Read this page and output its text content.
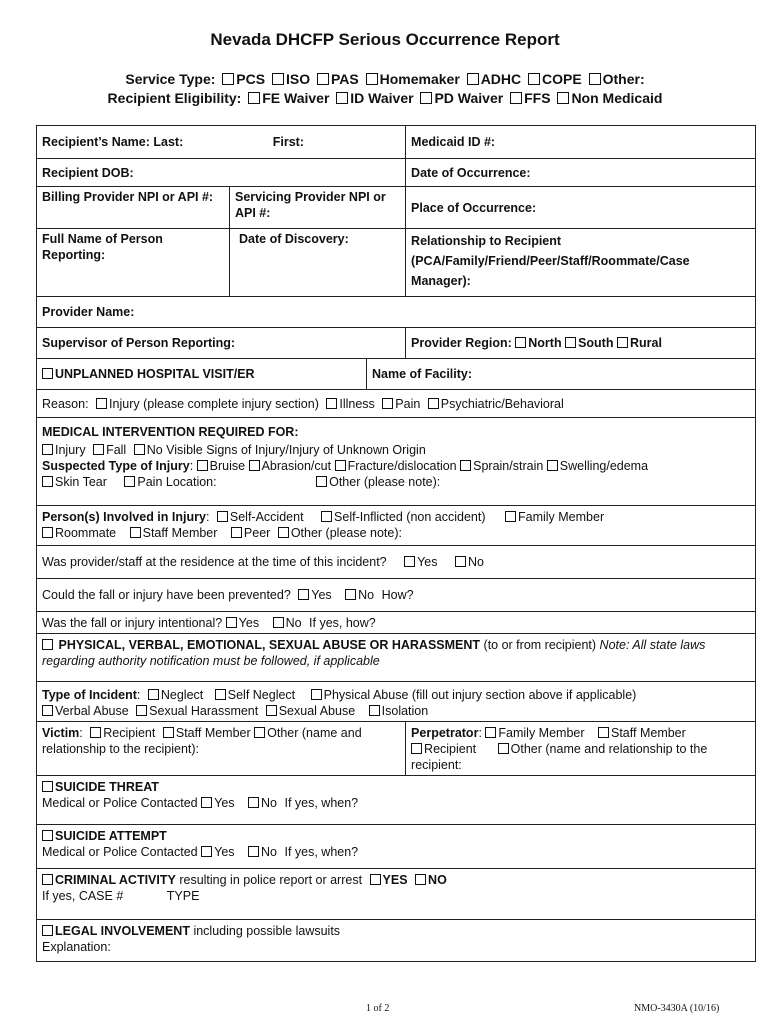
Nevada DHCFP Serious Occurrence Report
Service Type: PCS ISO PAS Homemaker ADHC COPE Other:
Recipient Eligibility: FE Waiver ID Waiver PD Waiver FFS Non Medicaid
Recipient’s Name: Last: First:			Medicaid ID #:
Recipient DOB:			Date of Occurrence:
Billing Provider NPI or API #:	Servicing Provider NPI or API #:		Place of Occurrence:
Full Name of Person Reporting:	Date of Discovery:		Relationship to Recipient (PCA/Family/Friend/Peer/Staff/Roommate/Case Manager):
Provider Name:			
Supervisor of Person Reporting:			Provider Region: North South Rural
UNPLANNED HOSPITAL VISIT/ER		Name of Facility:	
Reason: Injury (please complete injury section) Illness Pain Psychiatric/Behavioral			

MEDICAL INTERVENTION REQUIRED FOR:
Injury Fall No Visible Signs of Injury/Injury of Unknown Origin
Suspected Type of Injury: Bruise Abrasion/cut Fracture/dislocation Sprain/strain Swelling/edema
Skin Tear Pain Location: Other (please note):			

Person(s) Involved in Injury: Self-Accident Self-Inflicted (non accident) Family Member
Roommate Staff Member Peer Other (please note):			

Was provider/staff at the residence at the time of this incident? Yes No			
Could the fall or injury have been prevented? Yes No How?			
Was the fall or injury intentional? Yes No If yes, how?			
PHYSICAL, VERBAL, EMOTIONAL, SEXUAL ABUSE OR HARASSMENT (to or from recipient) Note: All state laws regarding authority notification must be followed, if applicable			

Type of Incident: Neglect Self Neglect Physical Abuse (fill out injury section above if applicable)
Verbal Abuse Sexual Harassment Sexual Abuse Isolation			

Victim: Recipient Staff Member Other (name and relationship to the recipient):			Perpetrator: Family Member Staff Member
Recipient Other (name and relationship to the recipient:

SUICIDE THREAT
Medical or Police Contacted Yes No If yes, when?			

SUICIDE ATTEMPT
Medical or Police Contacted Yes No If yes, when?			

CRIMINAL ACTIVITY resulting in police report or arrest YES NO
If yes, CASE # TYPE			

LEGAL INVOLVEMENT including possible lawsuits
Explanation:			
1 of 2	NMO-3430A (10/16)
